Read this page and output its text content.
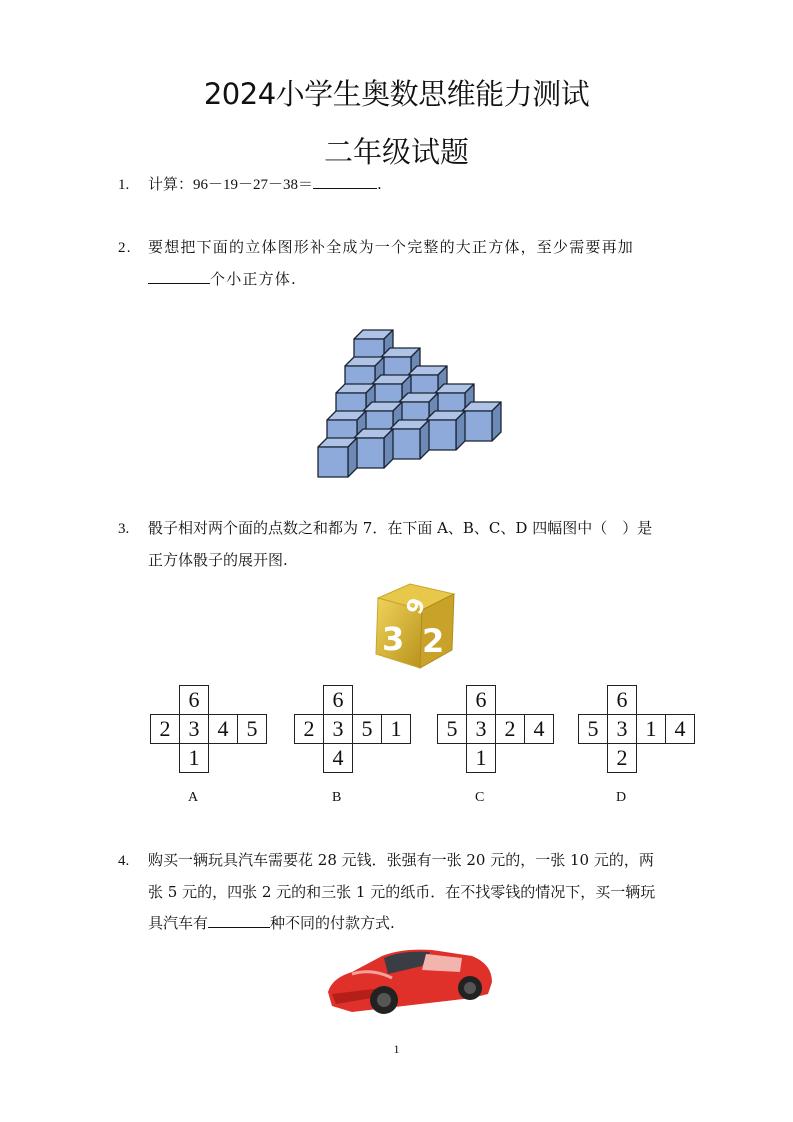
2024小学生奥数思维能力测试
二年级试题
1. 计算：96－19－27－38＝	.
2. 要想把下面的立体图形补全成为一个完整的大正方体，至少需要再加
个小正方体.
3. 骰子相对两个面的点数之和都为 7．在下面 A、B、C、D 四幅图中（　）是
正方体骰子的展开图.
6
3 2
6
2 3 4 5
1
A
6
2 3 5 1
4
B
6
5 3 2 4
1
C
6
5 3 1 4
2
D
4. 购买一辆玩具汽车需要花 28 元钱．张强有一张 20 元的，一张 10 元的，两
张 5 元的，四张 2 元的和三张 1 元的纸币．在不找零钱的情况下，买一辆玩
具汽车有	种不同的付款方式.
1
